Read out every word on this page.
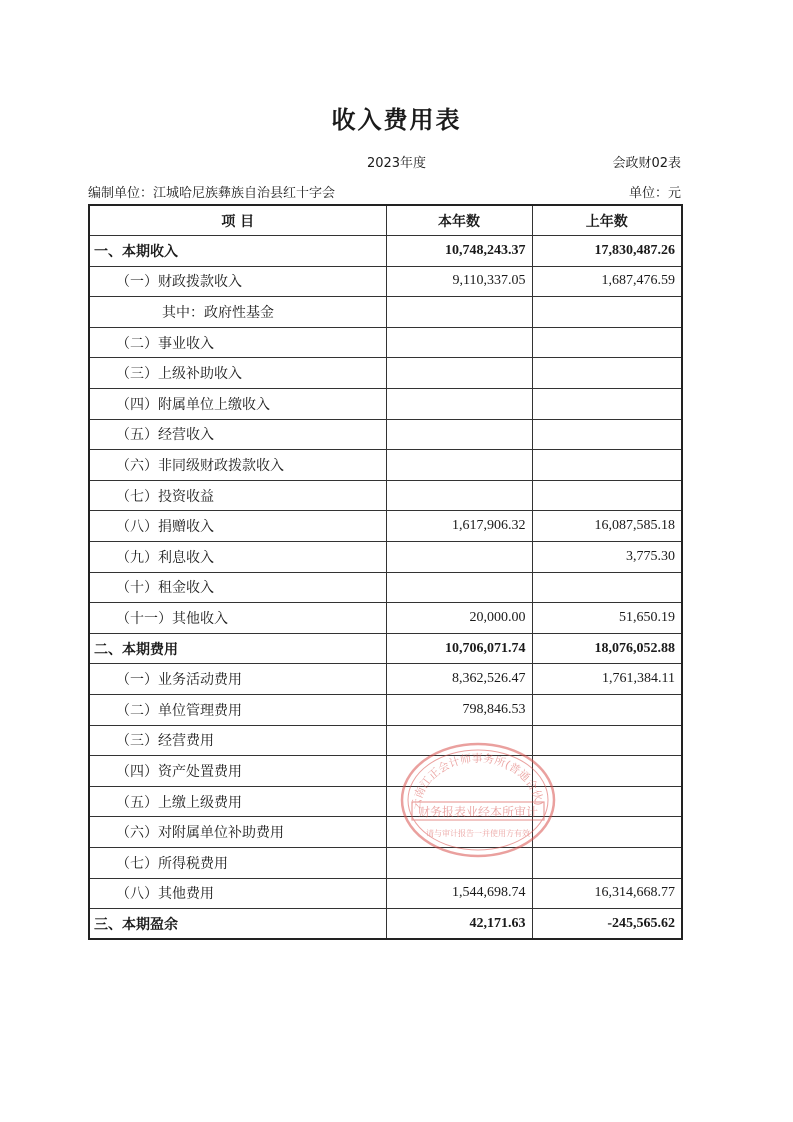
收入费用表
2023年度	会政财02表
编制单位：江城哈尼族彝族自治县红十字会	单位：元
项 目	本年数	上年数
一、本期收入	10,748,243.37	17,830,487.26
（一）财政拨款收入	9,110,337.05	1,687,476.59
其中：政府性基金		
（二）事业收入		
（三）上级补助收入		
（四）附属单位上缴收入		
（五）经营收入		
（六）非同级财政拨款收入		
（七）投资收益		
（八）捐赠收入	1,617,906.32	16,087,585.18
（九）利息收入		3,775.30
（十）租金收入		
（十一）其他收入	20,000.00	51,650.19
二、本期费用	10,706,071.74	18,076,052.88
（一）业务活动费用	8,362,526.47	1,761,384.11
（二）单位管理费用	798,846.53	
（三）经营费用		
（四）资产处置费用		
（五）上缴上级费用		
（六）对附属单位补助费用		
（七）所得税费用		
（八）其他费用	1,544,698.74	16,314,668.77
三、本期盈余	42,171.63	-245,565.62
云南江正会计师事务所(普通合伙)
财务报表业经本所审计
请与审计报告一并使用方有效
